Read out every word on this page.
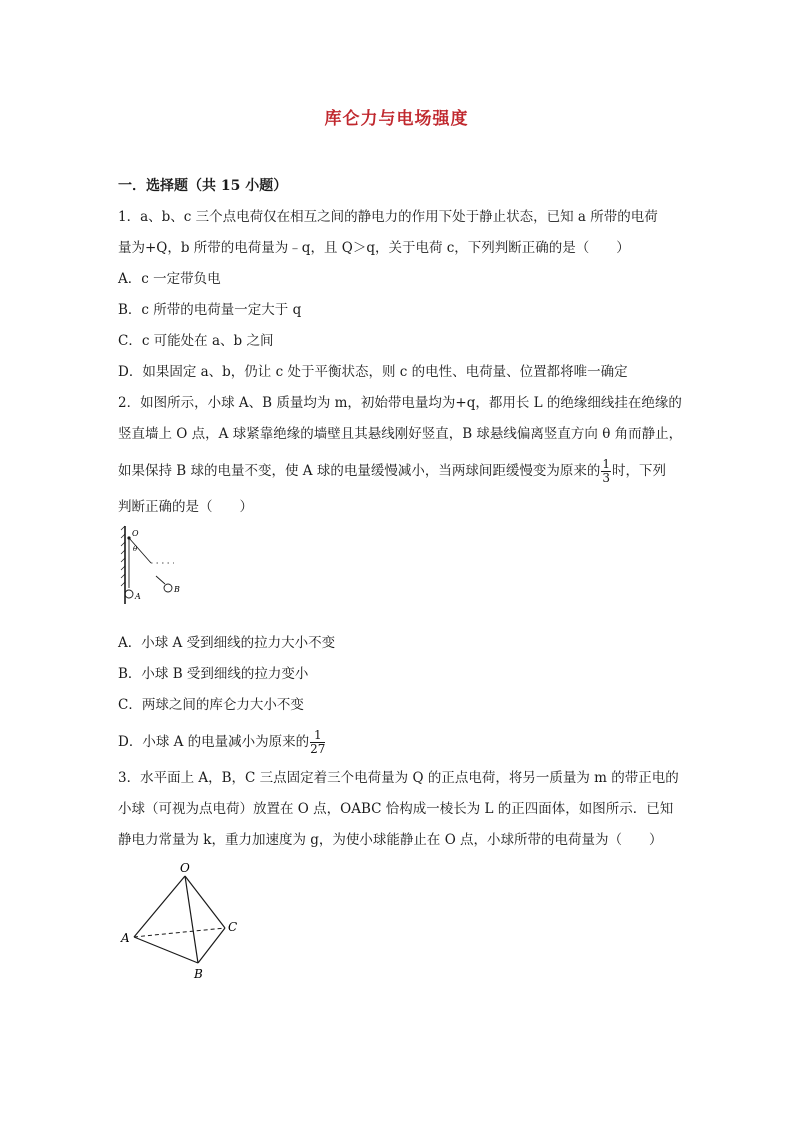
库仑力与电场强度
一．选择题（共 15 小题）
1．a、b、c 三个点电荷仅在相互之间的静电力的作用下处于静止状态，已知 a 所带的电荷
量为+Q，b 所带的电荷量为﹣q，且 Q＞q，关于电荷 c，下列判断正确的是（　　）
A．c 一定带负电
B．c 所带的电荷量一定大于 q
C．c 可能处在 a、b 之间
D．如果固定 a、b，仍让 c 处于平衡状态，则 c 的电性、电荷量、位置都将唯一确定
2．如图所示，小球 A、B 质量均为 m，初始带电量均为+q，都用长 L 的绝缘细线挂在绝缘的
竖直墙上 O 点，A 球紧靠绝缘的墙壁且其悬线刚好竖直，B 球悬线偏离竖直方向 θ 角而静止，
如果保持 B 球的电量不变，使 A 球的电量缓慢减小，当两球间距缓慢变为原来的 $\frac{1}{3}$ 时，下列
判断正确的是（　　）
O
θ
A
B
A．小球 A 受到细线的拉力大小不变
B．小球 B 受到细线的拉力变小
C．两球之间的库仑力大小不变
D．小球 A 的电量减小为原来的 $\frac{1}{27}$
3．水平面上 A，B，C 三点固定着三个电荷量为 Q 的正点电荷，将另一质量为 m 的带正电的
小球（可视为点电荷）放置在 O 点，OABC 恰构成一棱长为 L 的正四面体，如图所示．已知
静电力常量为 k，重力加速度为 g，为使小球能静止在 O 点，小球所带的电荷量为（　　）
O
A
B
C
